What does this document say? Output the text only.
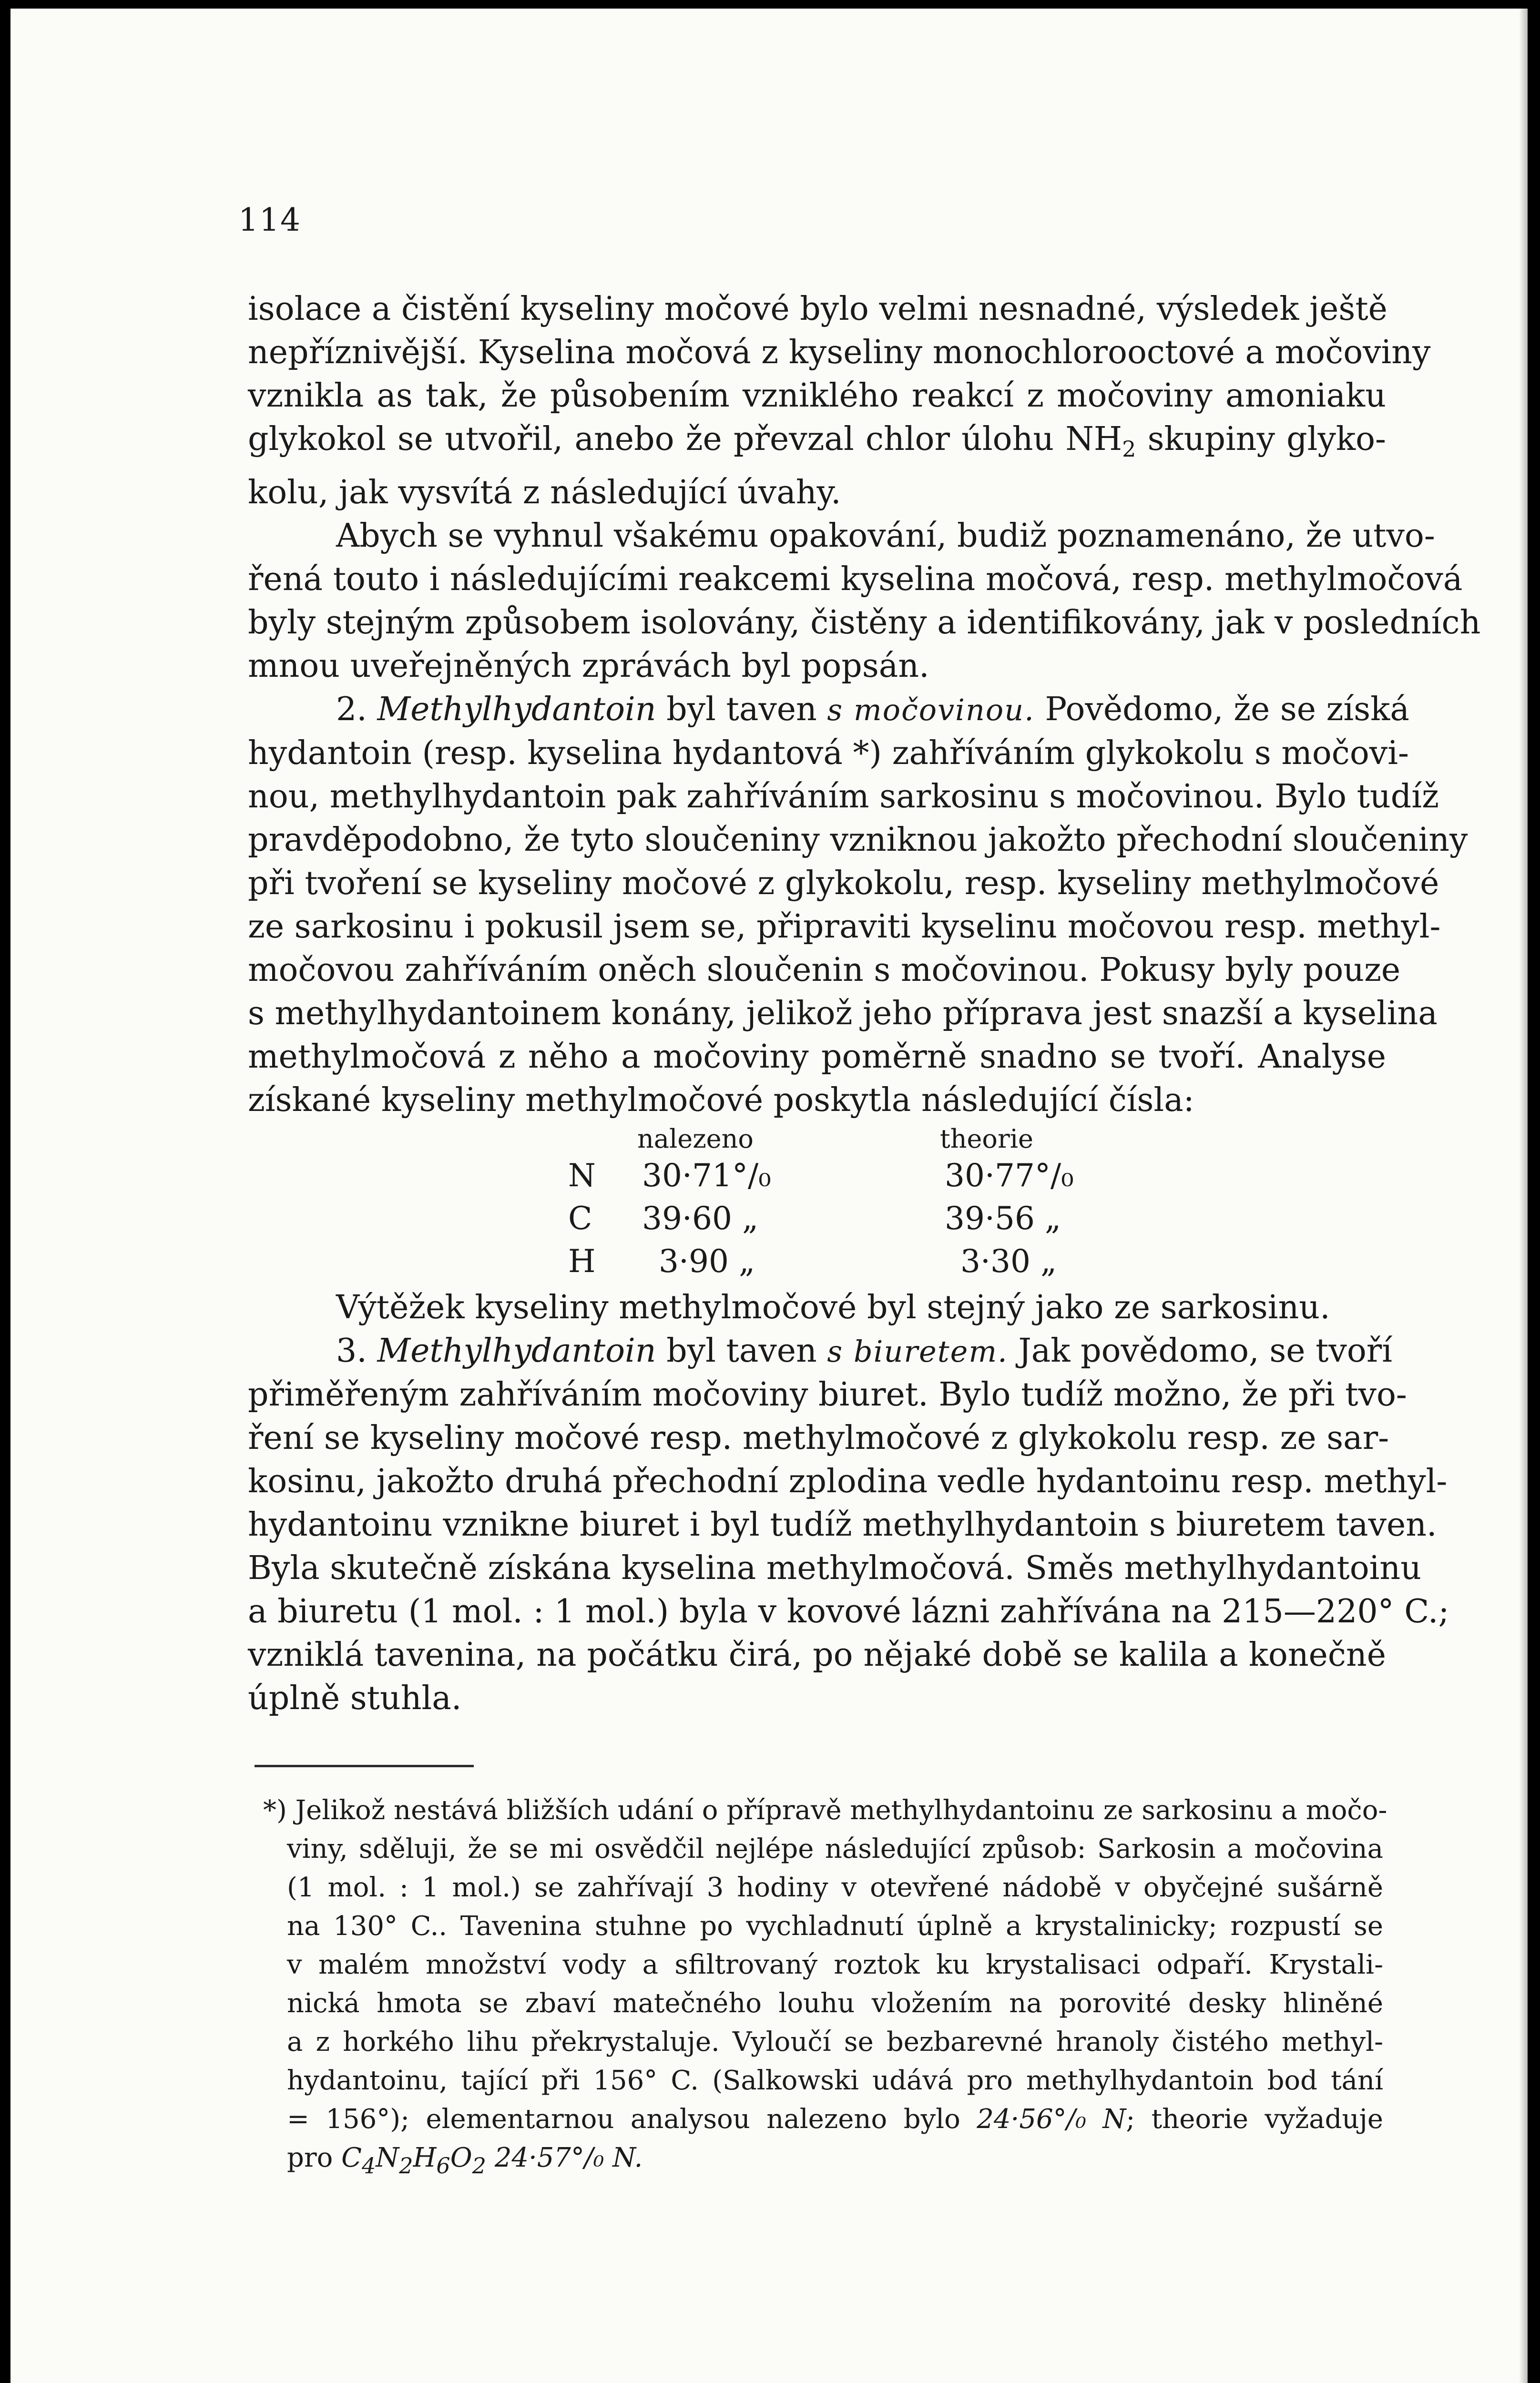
114
isolace a čistění kyseliny močové bylo velmi nesnadné, výsledek ještě
nepříznivější. Kyselina močová z kyseliny monochlorooctové a močoviny
vznikla as tak, že působením vzniklého reakcí z močoviny amoniaku
glykokol se utvořil, anebo že převzal chlor úlohu $NH_2$ skupiny glyko-
kolu, jak vysvítá z následující úvahy.
Abych se vyhnul všakému opakování, budiž poznamenáno, že utvo-
řená touto i následujícími reakcemi kyselina močová, resp. methylmočová
byly stejným způsobem isolovány, čistěny a identifikovány, jak v posledních
mnou uveřejněných zprávách byl popsán.
2. Methylhydantoin byl taven s močovinou. Povědomo, že se získá
hydantoin (resp. kyselina hydantová *) zahříváním glykokolu s močovi-
nou, methylhydantoin pak zahříváním sarkosinu s močovinou. Bylo tudíž
pravděpodobno, že tyto sloučeniny vzniknou jakožto přechodní sloučeniny
při tvoření se kyseliny močové z glykokolu, resp. kyseliny methylmočové
ze sarkosinu i pokusil jsem se, připraviti kyselinu močovou resp. methyl-
močovou zahříváním oněch sloučenin s močovinou. Pokusy byly pouze
s methylhydantoinem konány, jelikož jeho příprava jest snazší a kyselina
methylmočová z něho a močoviny poměrně snadno se tvoří. Analyse
získané kyseliny methylmočové poskytla následující čísla:
nalezeno	theorie
N 30·71°/₀	30·77°/₀
C 39·60 „	39·56 „
H 3·90 „	3·30 „
Výtěžek kyseliny methylmočové byl stejný jako ze sarkosinu.
3. Methylhydantoin byl taven s biuretem. Jak povědomo, se tvoří
přiměřeným zahříváním močoviny biuret. Bylo tudíž možno, že při tvo-
ření se kyseliny močové resp. methylmočové z glykokolu resp. ze sar-
kosinu, jakožto druhá přechodní zplodina vedle hydantoinu resp. methyl-
hydantoinu vznikne biuret i byl tudíž methylhydantoin s biuretem taven.
Byla skutečně získána kyselina methylmočová. Směs methylhydantoinu
a biuretu (1 mol. : 1 mol.) byla v kovové lázni zahřívána na 215—220° C.;
vzniklá tavenina, na počátku čirá, po nějaké době se kalila a konečně
úplně stuhla.
*) Jelikož nestává bližších udání o přípravě methylhydantoinu ze sarkosinu a močo-
viny, sděluji, že se mi osvědčil nejlépe následující způsob: Sarkosin a močovina
(1 mol. : 1 mol.) se zahřívají 3 hodiny v otevřené nádobě v obyčejné sušárně
na 130° C.. Tavenina stuhne po vychladnutí úplně a krystalinicky; rozpustí se
v malém množství vody a sfiltrovaný roztok ku krystalisaci odpaří. Krystali-
nická hmota se zbaví matečného louhu vložením na porovité desky hliněné
a z horkého lihu překrystaluje. Vyloučí se bezbarevné hranoly čistého methyl-
hydantoinu, tající při 156° C. (Salkowski udává pro methylhydantoin bod tání
= 156°); elementarnou analysou nalezeno bylo 24·56°/₀ N; theorie vyžaduje
pro $C_4N_2H_6O_2$ 24·57°/₀ N.
